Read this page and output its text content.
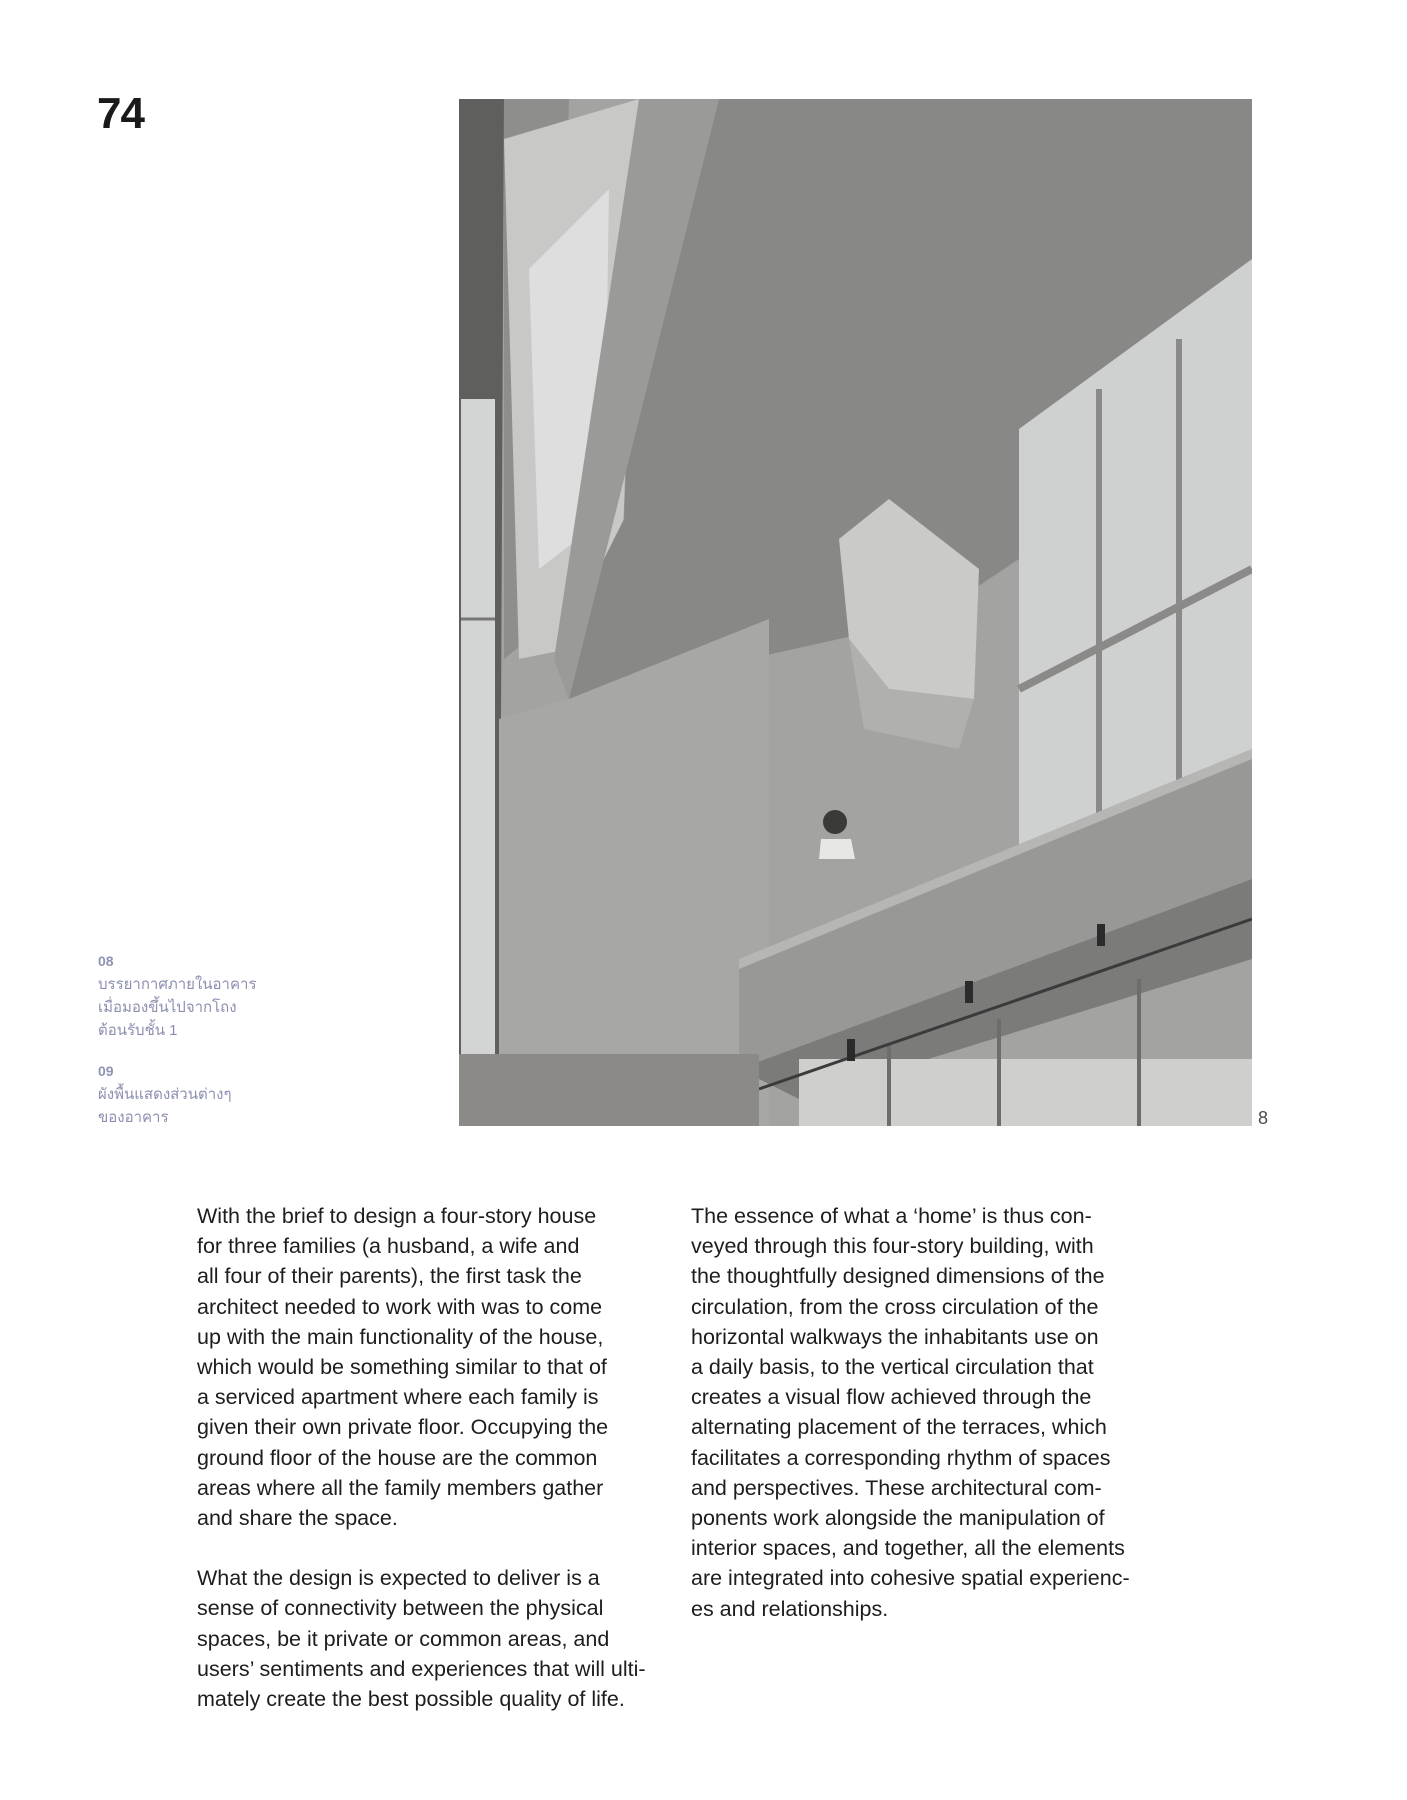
74
08
บรรยากาศภายในอาคาร
เมื่อมองขึ้นไปจากโถง
ต้อนรับชั้น 1
09
ผังพื้นแสดงส่วนต่างๆ
ของอาคาร	8

With the brief to design a four-story house
for three families (a husband, a wife and
all four of their parents), the first task the
architect needed to work with was to come
up with the main functionality of the house,
which would be something similar to that of
a serviced apartment where each family is
given their own private floor. Occupying the
ground floor of the house are the common
areas where all the family members gather
and share the space.

What the design is expected to deliver is a
sense of connectivity between the physical
spaces, be it private or common areas, and
users’ sentiments and experiences that will ulti-
mately create the best possible quality of life.

The essence of what a ‘home’ is thus con-
veyed through this four-story building, with
the thoughtfully designed dimensions of the
circulation, from the cross circulation of the
horizontal walkways the inhabitants use on
a daily basis, to the vertical circulation that
creates a visual flow achieved through the
alternating placement of the terraces, which
facilitates a corresponding rhythm of spaces
and perspectives. These architectural com-
ponents work alongside the manipulation of
interior spaces, and together, all the elements
are integrated into cohesive spatial experienc-
es and relationships.
